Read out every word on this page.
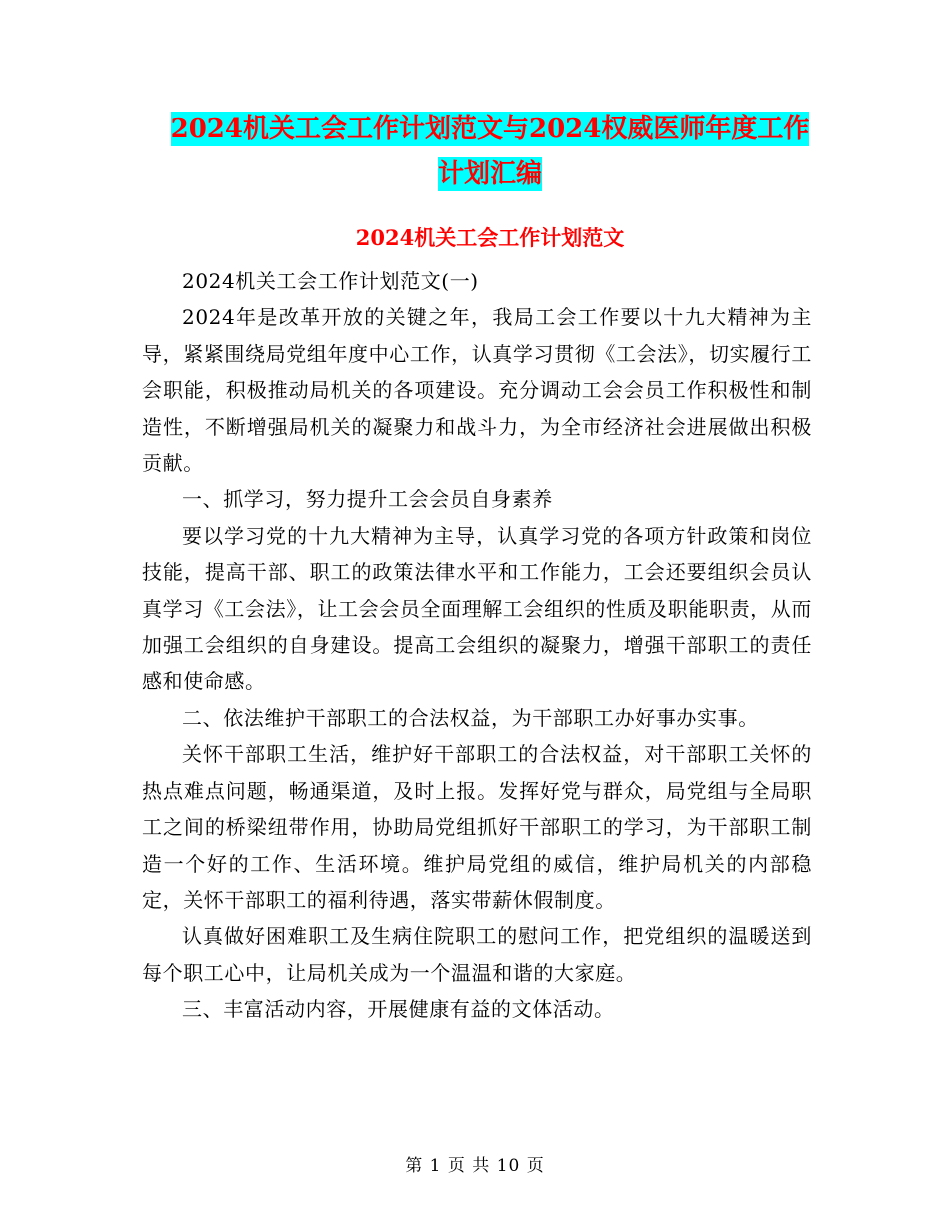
2024机关工会工作计划范文与2024权威医师年度工作
计划汇编
2024机关工会工作计划范文

2024机关工会工作计划范文(一)

2024年是改革开放的关键之年，我局工会工作要以十九大精神为主导，紧紧围绕局党组年度中心工作，认真学习贯彻《工会法》，切实履行工会职能，积极推动局机关的各项建设。充分调动工会会员工作积极性和制造性，不断增强局机关的凝聚力和战斗力，为全市经济社会进展做出积极贡献。

一、抓学习，努力提升工会会员自身素养

要以学习党的十九大精神为主导，认真学习党的各项方针政策和岗位技能，提高干部、职工的政策法律水平和工作能力，工会还要组织会员认真学习《工会法》，让工会会员全面理解工会组织的性质及职能职责，从而加强工会组织的自身建设。提高工会组织的凝聚力，增强干部职工的责任感和使命感。

二、依法维护干部职工的合法权益，为干部职工办好事办实事。

关怀干部职工生活，维护好干部职工的合法权益，对干部职工关怀的热点难点问题，畅通渠道，及时上报。发挥好党与群众，局党组与全局职工之间的桥梁纽带作用，协助局党组抓好干部职工的学习，为干部职工制造一个好的工作、生活环境。维护局党组的威信，维护局机关的内部稳定，关怀干部职工的福利待遇，落实带薪休假制度。

认真做好困难职工及生病住院职工的慰问工作，把党组织的温暖送到每个职工心中，让局机关成为一个温温和谐的大家庭。

三、丰富活动内容，开展健康有益的文体活动。

第 1 页 共 10 页
